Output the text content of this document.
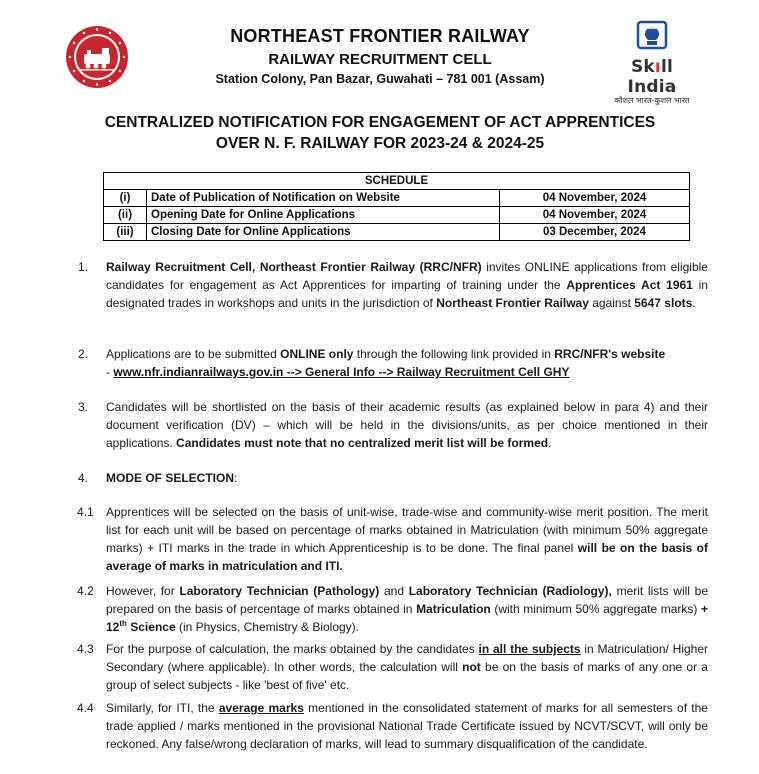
Skıll India
कौशल भारत-कुशल भारत
NORTHEAST FRONTIER RAILWAY
RAILWAY RECRUITMENT CELL
Station Colony, Pan Bazar, Guwahati – 781 001 (Assam)
CENTRALIZED NOTIFICATION FOR ENGAGEMENT OF ACT APPRENTICES
OVER N. F. RAILWAY FOR 2023-24 & 2024-25
SCHEDULE		
(i)	Date of Publication of Notification on Website	04 November, 2024
(ii)	Opening Date for Online Applications	04 November, 2024
(iii)	Closing Date for Online Applications	03 December, 2024
1. Railway Recruitment Cell, Northeast Frontier Railway (RRC/NFR) invites ONLINE applications from eligible candidates for engagement as Act Apprentices for imparting of training under the Apprentices Act 1961 in designated trades in workshops and units in the jurisdiction of Northeast Frontier Railway against 5647 slots.
2. Applications are to be submitted ONLINE only through the following link provided in RRC/NFR's website
- www.nfr.indianrailways.gov.in --> General Info --> Railway Recruitment Cell GHY
3. Candidates will be shortlisted on the basis of their academic results (as explained below in para 4) and their document verification (DV) – which will be held in the divisions/units, as per choice mentioned in their applications. Candidates must note that no centralized merit list will be formed.
4. MODE OF SELECTION:
4.1 Apprentices will be selected on the basis of unit-wise, trade-wise and community-wise merit position. The merit list for each unit will be based on percentage of marks obtained in Matriculation (with minimum 50% aggregate marks) + ITI marks in the trade in which Apprenticeship is to be done. The final panel will be on the basis of average of marks in matriculation and ITI.
4.2 However, for Laboratory Technician (Pathology) and Laboratory Technician (Radiology), merit lists will be prepared on the basis of percentage of marks obtained in Matriculation (with minimum 50% aggregate marks) + 12th Science (in Physics, Chemistry & Biology).
4.3 For the purpose of calculation, the marks obtained by the candidates in all the subjects in Matriculation/ Higher Secondary (where applicable). In other words, the calculation will not be on the basis of marks of any one or a group of select subjects - like 'best of five' etc.
4.4 Similarly, for ITI, the average marks mentioned in the consolidated statement of marks for all semesters of the trade applied / marks mentioned in the provisional National Trade Certificate issued by NCVT/SCVT, will only be reckoned. Any false/wrong declaration of marks, will lead to summary disqualification of the candidate.
